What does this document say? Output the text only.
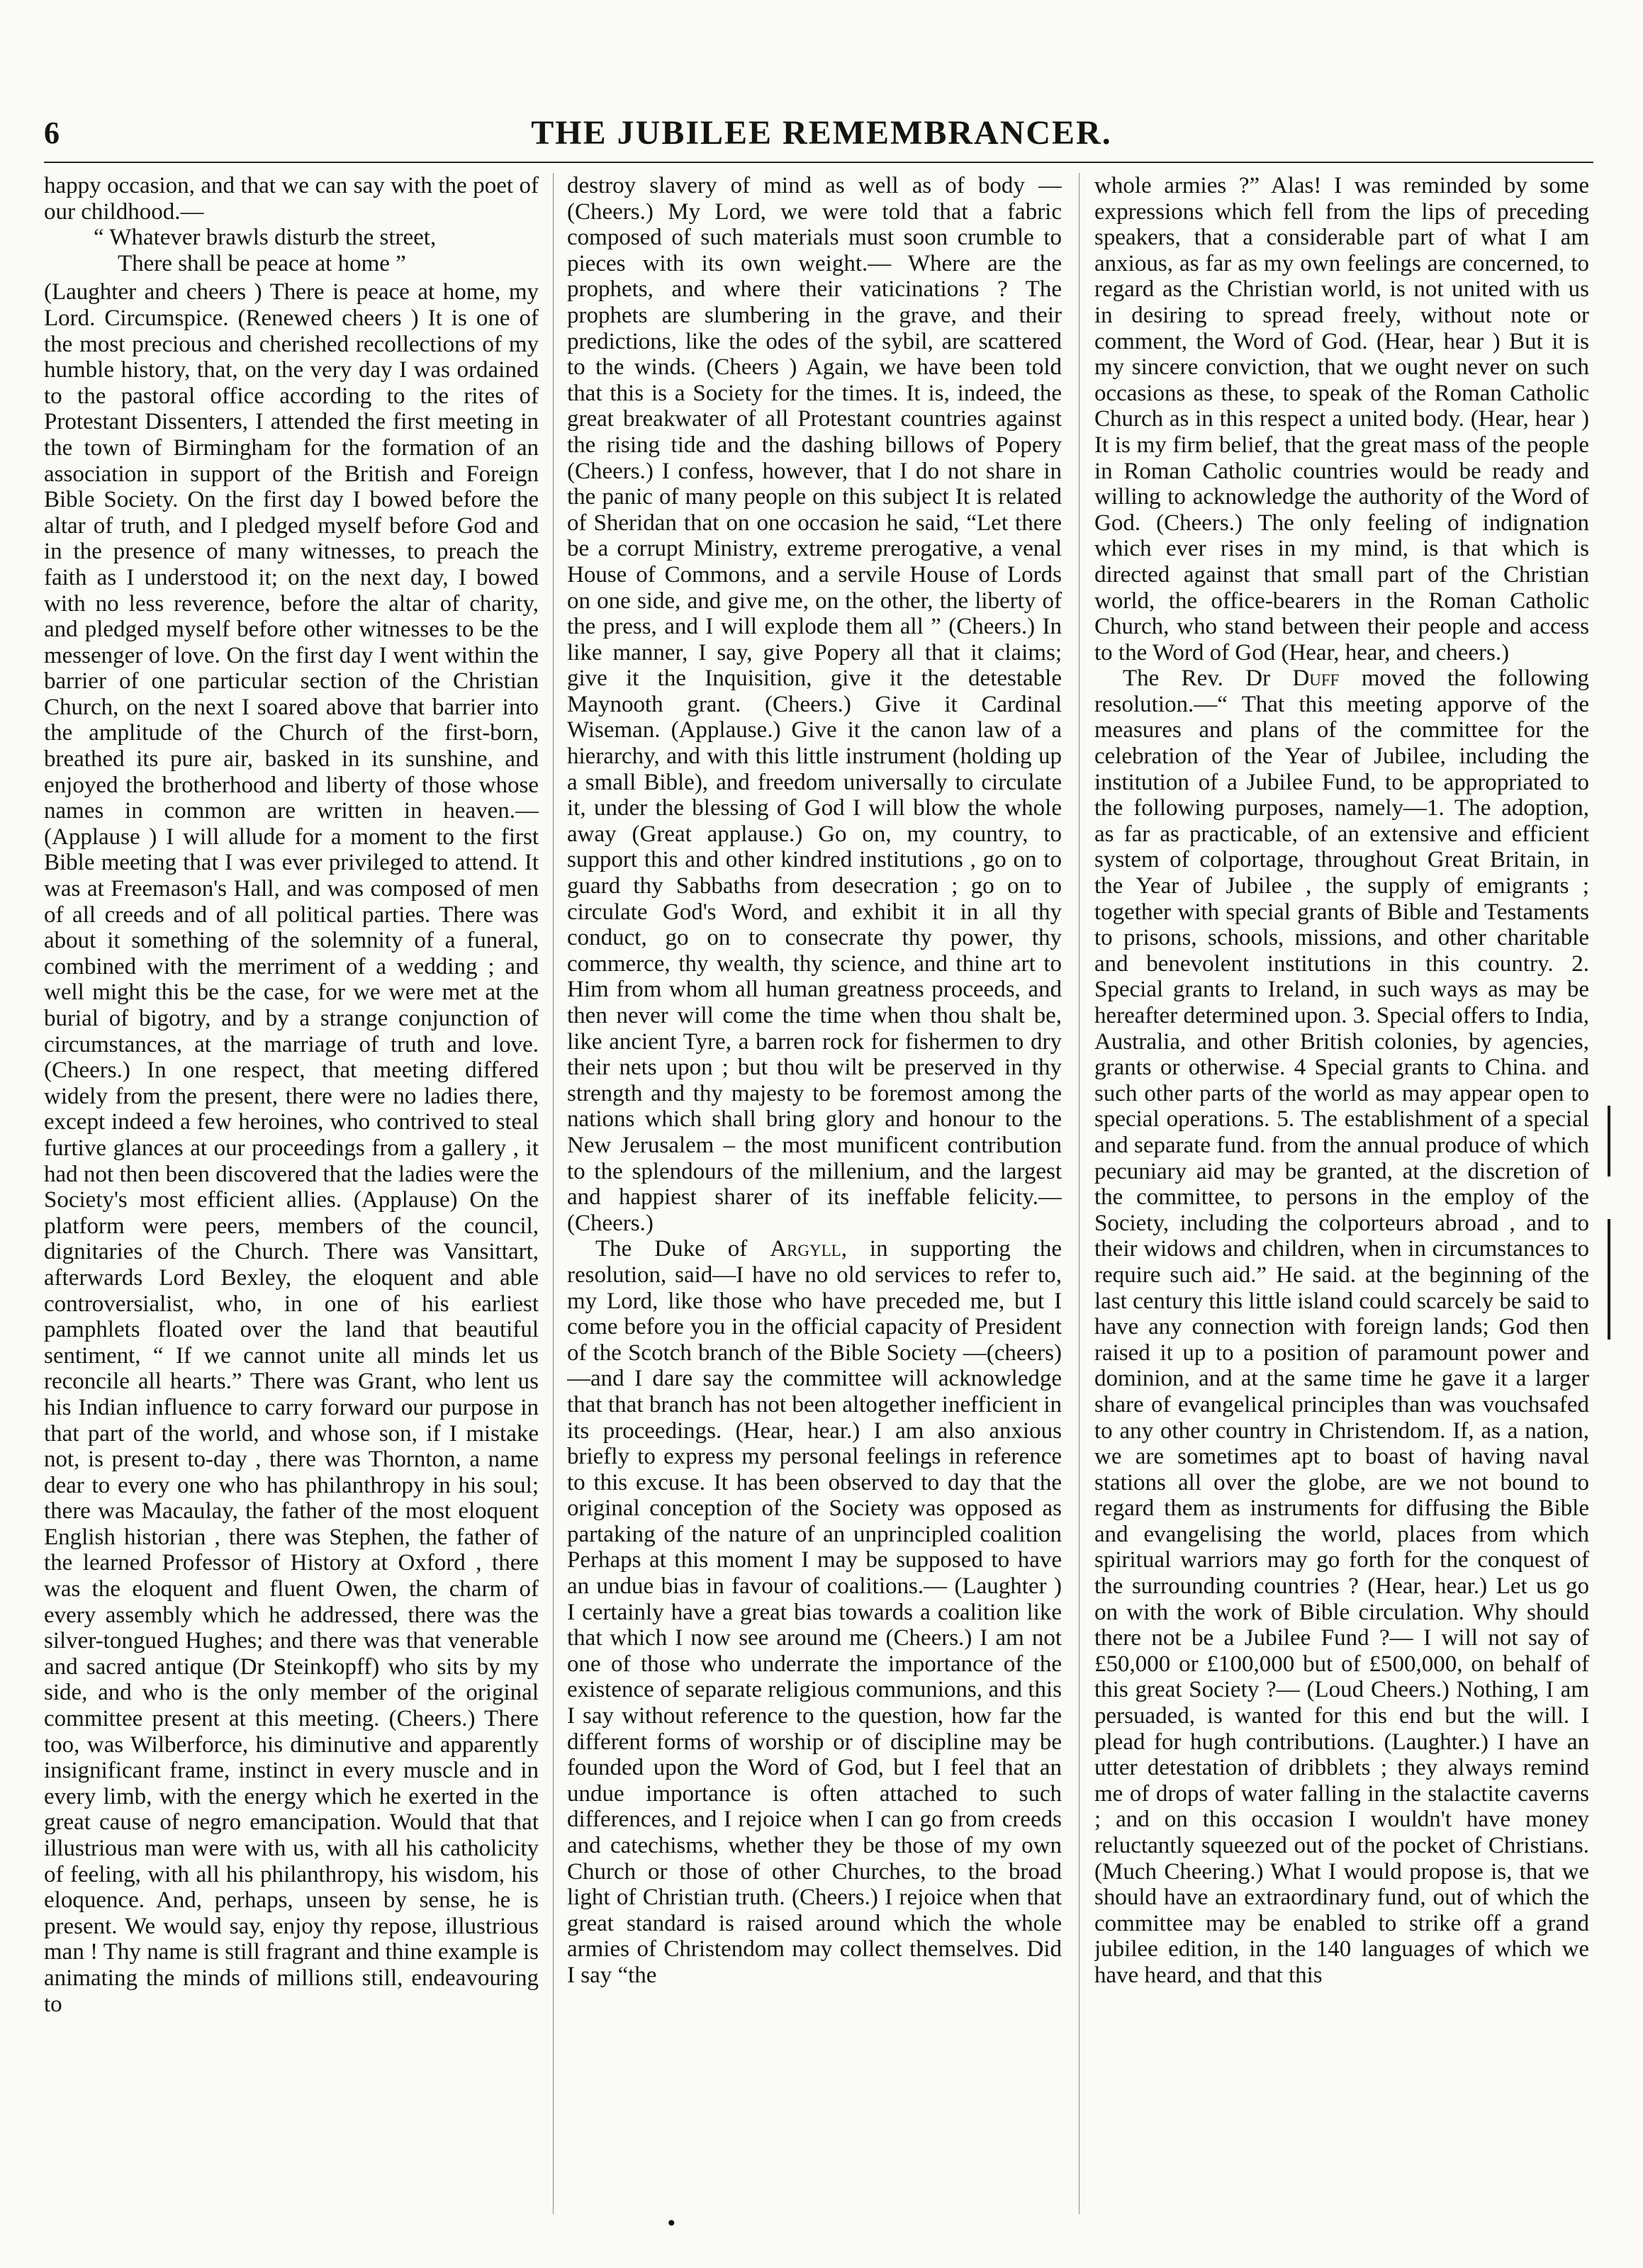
6	THE JUBILEE REMEMBRANCER.

happy occasion, and that we can say with the poet of our childhood.—

“ Whatever brawls disturb the street,
There shall be peace at home ”

(Laughter and cheers ) There is peace at home, my Lord. Circumspice. (Renewed cheers ) It is one of the most precious and cherished recollections of my humble history, that, on the very day I was ordained to the pastoral office according to the rites of Protestant Dissenters, I attended the first meeting in the town of Birmingham for the formation of an association in support of the British and Foreign Bible Society. On the first day I bowed before the altar of truth, and I pledged myself before God and in the presence of many witnesses, to preach the faith as I understood it; on the next day, I bowed with no less reverence, before the altar of charity, and pledged myself before other witnesses to be the messenger of love. On the first day I went within the barrier of one particular section of the Christian Church, on the next I soared above that barrier into the amplitude of the Church of the first-born, breathed its pure air, basked in its sunshine, and enjoyed the brotherhood and liberty of those whose names in common are written in heaven.— (Applause ) I will allude for a moment to the first Bible meeting that I was ever privileged to attend. It was at Freemason's Hall, and was composed of men of all creeds and of all political parties. There was about it something of the solemnity of a funeral, combined with the merriment of a wedding ; and well might this be the case, for we were met at the burial of bigotry, and by a strange conjunction of circumstances, at the marriage of truth and love. (Cheers.) In one respect, that meeting differed widely from the present, there were no ladies there, except indeed a few heroines, who contrived to steal furtive glances at our proceedings from a gallery , it had not then been discovered that the ladies were the Society's most efficient allies. (Applause) On the platform were peers, members of the council, dignitaries of the Church. There was Vansittart, afterwards Lord Bexley, the eloquent and able controversialist, who, in one of his earliest pamphlets floated over the land that beautiful sentiment, “ If we cannot unite all minds let us reconcile all hearts.” There was Grant, who lent us his Indian influence to carry forward our purpose in that part of the world, and whose son, if I mistake not, is present to-day , there was Thornton, a name dear to every one who has philanthropy in his soul; there was Macaulay, the father of the most eloquent English historian , there was Stephen, the father of the learned Professor of History at Oxford , there was the eloquent and fluent Owen, the charm of every assembly which he addressed, there was the silver-tongued Hughes; and there was that venerable and sacred antique (Dr Steinkopff) who sits by my side, and who is the only member of the original committee present at this meeting. (Cheers.) There too, was Wilberforce, his diminutive and apparently insignificant frame, instinct in every muscle and in every limb, with the energy which he exerted in the great cause of negro emancipation. Would that that illustrious man were with us, with all his catholicity of feeling, with all his philanthropy, his wisdom, his eloquence. And, perhaps, unseen by sense, he is present. We would say, enjoy thy repose, illustrious man ! Thy name is still fragrant and thine example is animating the minds of millions still, endeavouring to

destroy slavery of mind as well as of body — (Cheers.) My Lord, we were told that a fabric composed of such materials must soon crumble to pieces with its own weight.— Where are the prophets, and where their vaticinations ? The prophets are slumbering in the grave, and their predictions, like the odes of the sybil, are scattered to the winds. (Cheers ) Again, we have been told that this is a Society for the times. It is, indeed, the great breakwater of all Protestant countries against the rising tide and the dashing billows of Popery (Cheers.) I confess, however, that I do not share in the panic of many people on this subject It is related of Sheridan that on one occasion he said, “Let there be a corrupt Ministry, extreme prerogative, a venal House of Commons, and a servile House of Lords on one side, and give me, on the other, the liberty of the press, and I will explode them all ” (Cheers.) In like manner, I say, give Popery all that it claims; give it the Inquisition, give it the detestable Maynooth grant. (Cheers.) Give it Cardinal Wiseman. (Applause.) Give it the canon law of a hierarchy, and with this little instrument (holding up a small Bible), and freedom universally to circulate it, under the blessing of God I will blow the whole away (Great applause.) Go on, my country, to support this and other kindred institutions , go on to guard thy Sabbaths from desecration ; go on to circulate God's Word, and exhibit it in all thy conduct, go on to consecrate thy power, thy commerce, thy wealth, thy science, and thine art to Him from whom all human greatness proceeds, and then never will come the time when thou shalt be, like ancient Tyre, a barren rock for fishermen to dry their nets upon ; but thou wilt be preserved in thy strength and thy majesty to be foremost among the nations which shall bring glory and honour to the New Jerusalem – the most munificent contribution to the splendours of the millenium, and the largest and happiest sharer of its ineffable felicity.— (Cheers.)

The Duke of Argyll, in supporting the resolution, said—I have no old services to refer to, my Lord, like those who have preceded me, but I come before you in the official capacity of President of the Scotch branch of the Bible Society —(cheers)—and I dare say the committee will acknowledge that that branch has not been altogether inefficient in its proceedings. (Hear, hear.) I am also anxious briefly to express my personal feelings in reference to this excuse. It has been observed to day that the original conception of the Society was opposed as partaking of the nature of an unprincipled coalition Perhaps at this moment I may be supposed to have an undue bias in favour of coalitions.— (Laughter ) I certainly have a great bias towards a coalition like that which I now see around me (Cheers.) I am not one of those who underrate the importance of the existence of separate religious communions, and this I say without reference to the question, how far the different forms of worship or of discipline may be founded upon the Word of God, but I feel that an undue importance is often attached to such differences, and I rejoice when I can go from creeds and catechisms, whether they be those of my own Church or those of other Churches, to the broad light of Christian truth. (Cheers.) I rejoice when that great standard is raised around which the whole armies of Christendom may collect themselves. Did I say “the

whole armies ?” Alas! I was reminded by some expressions which fell from the lips of preceding speakers, that a considerable part of what I am anxious, as far as my own feelings are concerned, to regard as the Christian world, is not united with us in desiring to spread freely, without note or comment, the Word of God. (Hear, hear ) But it is my sincere conviction, that we ought never on such occasions as these, to speak of the Roman Catholic Church as in this respect a united body. (Hear, hear ) It is my firm belief, that the great mass of the people in Roman Catholic countries would be ready and willing to acknowledge the authority of the Word of God. (Cheers.) The only feeling of indignation which ever rises in my mind, is that which is directed against that small part of the Christian world, the office-bearers in the Roman Catholic Church, who stand between their people and access to the Word of God (Hear, hear, and cheers.)

The Rev. Dr Duff moved the following resolution.—“ That this meeting apporve of the measures and plans of the committee for the celebration of the Year of Jubilee, including the institution of a Jubilee Fund, to be appropriated to the following purposes, namely—1. The adoption, as far as practicable, of an extensive and efficient system of colportage, throughout Great Britain, in the Year of Jubilee , the supply of emigrants ; together with special grants of Bible and Testaments to prisons, schools, missions, and other charitable and benevolent institutions in this country. 2. Special grants to Ireland, in such ways as may be hereafter determined upon. 3. Special offers to India, Australia, and other British colonies, by agencies, grants or otherwise. 4 Special grants to China. and such other parts of the world as may appear open to special operations. 5. The establishment of a special and separate fund. from the annual produce of which pecuniary aid may be granted, at the discretion of the committee, to persons in the employ of the Society, including the colporteurs abroad , and to their widows and children, when in circumstances to require such aid.” He said. at the beginning of the last century this little island could scarcely be said to have any connection with foreign lands; God then raised it up to a position of paramount power and dominion, and at the same time he gave it a larger share of evangelical principles than was vouchsafed to any other country in Christendom. If, as a nation, we are sometimes apt to boast of having naval stations all over the globe, are we not bound to regard them as instruments for diffusing the Bible and evangelising the world, places from which spiritual warriors may go forth for the conquest of the surrounding countries ? (Hear, hear.) Let us go on with the work of Bible circulation. Why should there not be a Jubilee Fund ?— I will not say of £50,000 or £100,000 but of £500,000, on behalf of this great Society ?— (Loud Cheers.) Nothing, I am persuaded, is wanted for this end but the will. I plead for hugh contributions. (Laughter.) I have an utter detestation of dribblets ; they always remind me of drops of water falling in the stalactite caverns ; and on this occasion I wouldn't have money reluctantly squeezed out of the pocket of Christians. (Much Cheering.) What I would propose is, that we should have an extraordinary fund, out of which the committee may be enabled to strike off a grand jubilee edition, in the 140 languages of which we have heard, and that this

•
